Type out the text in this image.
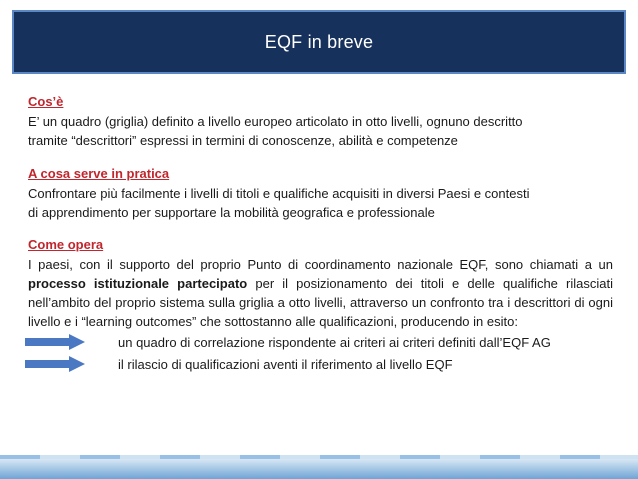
EQF in breve
Cos’è
E’ un quadro (griglia) definito a livello europeo articolato in otto livelli, ognuno descritto
tramite “descrittori” espressi in termini di conoscenze, abilità e competenze
A cosa serve in pratica
Confrontare più facilmente i livelli di titoli e qualifiche acquisiti in diversi Paesi e contesti
di apprendimento per supportare la mobilità geografica e professionale
Come opera
I paesi, con il supporto del proprio Punto di coordinamento nazionale EQF, sono chiamati a un processo istituzionale partecipato per il posizionamento dei titoli e delle qualifiche rilasciati nell’ambito del proprio sistema sulla griglia a otto livelli, attraverso un confronto tra i descrittori di ogni livello e i “learning outcomes” che sottostanno alle qualificazioni, producendo in esito:
un quadro di correlazione rispondente ai criteri ai criteri definiti dall’EQF AG
il rilascio di qualificazioni aventi il riferimento al livello EQF
